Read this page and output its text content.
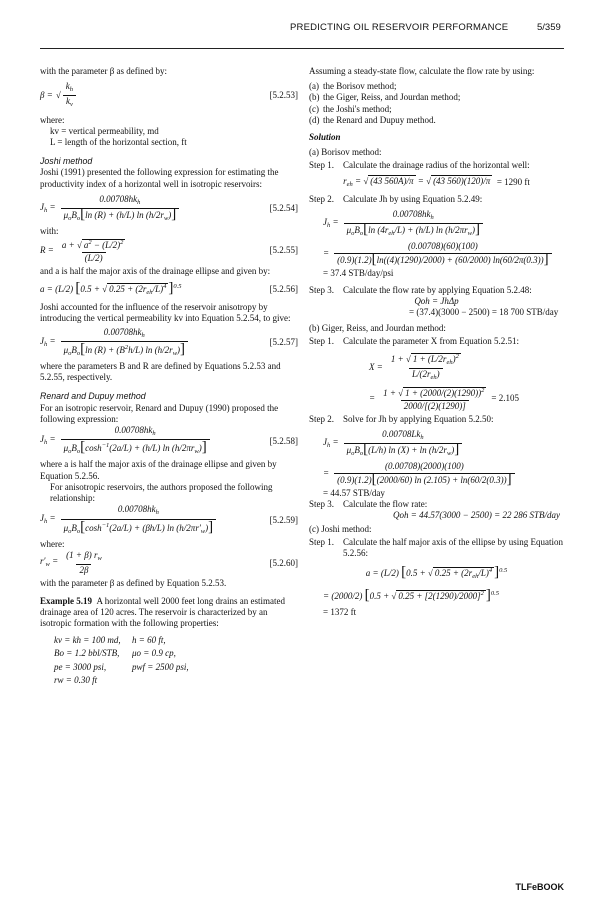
PREDICTING OIL RESERVOIR PERFORMANCE	5/359

with the parameter β as defined by:

β = √ $\frac{k_h}{k_v}$	[5.2.53]

where:

kv = vertical permeability, md

L = length of the horizontal section, ft

Joshi method

Joshi (1991) presented the following expression for estimating the productivity index of a horizontal well in isotropic reservoirs:

$J_h = \frac{0.00708hk_h}{\mu_oB_o[\ln (R) + (h/L) \ln (h/2r_w)]}$	[5.2.54]

with:

$R = \frac{a + √ a^2 - (L/2)^2}{(L/2)}$	[5.2.55]

and a is half the major axis of the drainage ellipse and given by:

a = (L/2) [0.5 + √ $0.25 + (2r_{eh}/L)^4$ ]$^{0.5}$	[5.2.56]

Joshi accounted for the influence of the reservoir anisotropy by introducing the vertical permeability kv into Equation 5.2.54, to give:

$J_h = \frac{0.00708hk_h}{\mu_oB_o[\ln (R) + (B^2h/L) \ln (h/2r_w)]}$	[5.2.57]

where the parameters B and R are defined by Equations 5.2.53 and 5.2.55, respectively.

Renard and Dupuy method

For an isotropic reservoir, Renard and Dupuy (1990) proposed the following expression:

$J_h = \frac{0.00708hk_h}{\mu_oB_o[\cosh^{-1}(2a/L) + (h/L) \ln (h/2\pi r_w)]}$	[5.2.58]

where a is half the major axis of the drainage ellipse and given by Equation 5.2.56.

For anisotropic reservoirs, the authors proposed the following relationship:

$J_h = \frac{0.00708hk_h}{\mu_oB_o[\cosh^{-1}(2a/L) + (\beta h/L) \ln (h/2\pi r'_w)]}$	[5.2.59]

where:

$r'_w = \frac{(1 + \beta) r_w}{2\beta}$	[5.2.60]

with the parameter β as defined by Equation 5.2.53.

Example 5.19 A horizontal well 2000 feet long drains an estimated drainage area of 120 acres. The reservoir is characterized by an isotropic formation with the following properties:

kv = kh = 100 md,	h = 60 ft,
Bo = 1.2 bbl/STB,	μo = 0.9 cp,
pe = 3000 psi,	pwf = 2500 psi,
rw = 0.30 ft

Assuming a steady-state flow, calculate the flow rate by using:

(a) the Borisov method;
(b) the Giger, Reiss, and Jourdan method;
(c) the Joshi's method;
(d) the Renard and Dupuy method.

Solution

(a) Borisov method:

Step 1. Calculate the drainage radius of the horizontal well:
$r_{eh}$ = √ (43 560A)/π = √ (43 560)(120)/π = 1290 ft
Step 2. Calculate Jh by using Equation 5.2.49:
$J_h = \frac{0.00708hk_h}{\mu_oB_o[\ln (4r_{eh}/L) + (h/L) \ln (h/2\pi r_w)]}$
= $\frac{(0.00708)(60)(100)}{(0.9)(1.2)[\ln((4)(1290)/2000) + (60/2000) \ln(60/2\pi(0.3))]}$

= 37.4 STB/day/psi

Step 3. Calculate the flow rate by applying Equation 5.2.48:

Qoh = JhΔp

= (37.4)(3000 − 2500) = 18 700 STB/day

(b) Giger, Reiss, and Jourdan method:

Step 1. Calculate the parameter X from Equation 5.2.51:
$X = \frac{1 + √ 1 + (L/2r_{eh})^2}{L/(2r_{eh})}$
= $\frac{1 + √ 1 + (2000/(2)(1290))^2}{2000/[(2)(1290)]} = 2.105$
Step 2. Solve for Jh by applying Equation 5.2.50:
$J_h = \frac{0.00708Lk_h}{\mu_oB_o[(L/h) \ln (X) + \ln (h/2r_w)]}$
= $\frac{(0.00708)(2000)(100)}{(0.9)(1.2)[(2000/60) \ln (2.105) + \ln(60/2(0.3))]}$

= 44.57 STB/day

Step 3. Calculate the flow rate:

Qoh = 44.57(3000 − 2500) = 22 286 STB/day

(c) Joshi method:

Step 1. Calculate the half major axis of the ellipse by using Equation 5.2.56:
a = (L/2) [0.5 + √ $0.25 + (2r_{eh}/L)^4$ ]$^{0.5}$
= (2000/2) [0.5 + √ $0.25 + [2(1290)/2000]^2$ ]$^{0.5}$

= 1372 ft

TLFeBOOK
